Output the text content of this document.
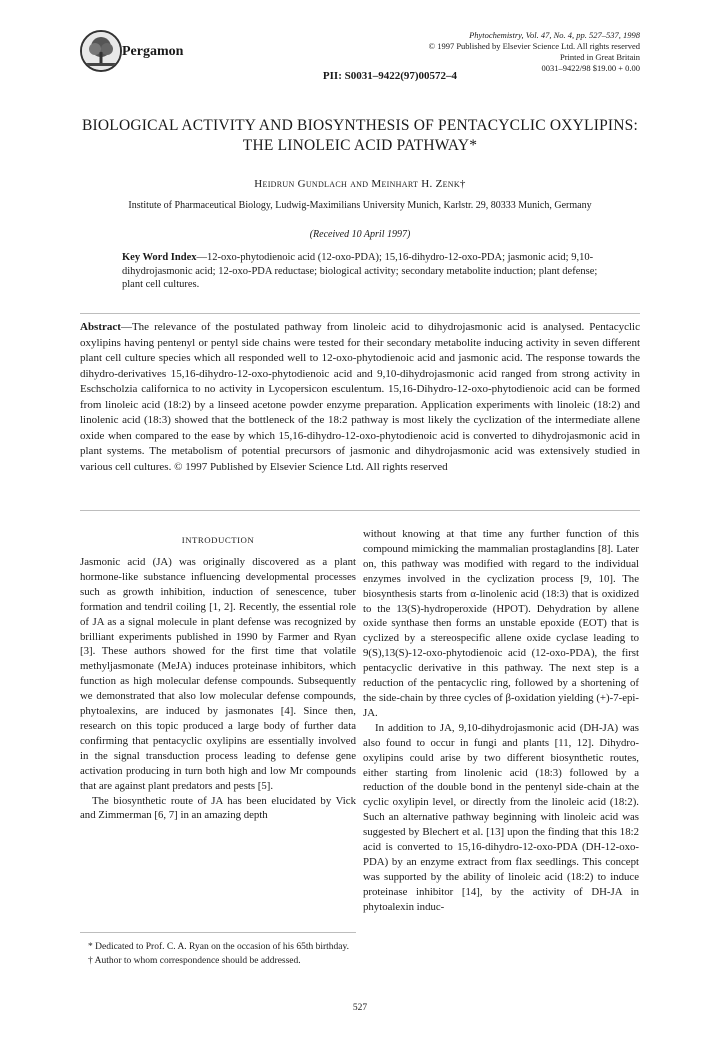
Pergamon
Phytochemistry, Vol. 47, No. 4, pp. 527–537, 1998
© 1997 Published by Elsevier Science Ltd. All rights reserved
Printed in Great Britain
0031–9422/98 $19.00 + 0.00
PII: S0031–9422(97)00572–4
BIOLOGICAL ACTIVITY AND BIOSYNTHESIS OF PENTACYCLIC OXYLIPINS: THE LINOLEIC ACID PATHWAY*
Heidrun Gundlach and Meinhart H. Zenk†
Institute of Pharmaceutical Biology, Ludwig-Maximilians University Munich, Karlstr. 29, 80333 Munich, Germany
(Received 10 April 1997)
Key Word Index—12-oxo-phytodienoic acid (12-oxo-PDA); 15,16-dihydro-12-oxo-PDA; jasmonic acid; 9,10-dihydrojasmonic acid; 12-oxo-PDA reductase; biological activity; secondary metabolite induction; plant defense; plant cell cultures.
Abstract—The relevance of the postulated pathway from linoleic acid to dihydrojasmonic acid is analysed. Pentacyclic oxylipins having pentenyl or pentyl side chains were tested for their secondary metabolite inducing activity in seven different plant cell culture species which all responded well to 12-oxo-phytodienoic acid and jasmonic acid. The response towards the dihydro-derivatives 15,16-dihydro-12-oxo-phytodienoic acid and 9,10-dihydrojasmonic acid ranged from strong activity in Eschscholzia californica to no activity in Lycopersicon esculentum. 15,16-Dihydro-12-oxo-phytodienoic acid can be formed from linoleic acid (18:2) by a linseed acetone powder enzyme preparation. Application experiments with linoleic (18:2) and linolenic acid (18:3) showed that the bottleneck of the 18:2 pathway is most likely the cyclization of the intermediate allene oxide when compared to the ease by which 15,16-dihydro-12-oxo-phytodienoic acid is converted to dihydrojasmonic acid in plant systems. The metabolism of potential precursors of jasmonic and dihydrojasmonic acid was extensively studied in various cell cultures. © 1997 Published by Elsevier Science Ltd. All rights reserved
INTRODUCTION

Jasmonic acid (JA) was originally discovered as a plant hormone-like substance influencing developmental processes such as growth inhibition, induction of senescence, tuber formation and tendril coiling [1, 2]. Recently, the essential role of JA as a signal molecule in plant defense was recognized by brilliant experiments published in 1990 by Farmer and Ryan [3]. These authors showed for the first time that volatile methyljasmonate (MeJA) induces proteinase inhibitors, which function as high molecular defense compounds. Subsequently we demonstrated that also low molecular defense compounds, phytoalexins, are induced by jasmonates [4]. Since then, research on this topic produced a large body of further data confirming that pentacyclic oxylipins are essentially involved in the signal transduction process leading to defense gene activation producing in turn both high and low Mr compounds that are against plant predators and pests [5].

The biosynthetic route of JA has been elucidated by Vick and Zimmerman [6, 7] in an amazing depth

without knowing at that time any further function of this compound mimicking the mammalian prostaglandins [8]. Later on, this pathway was modified with regard to the individual enzymes involved in the cyclization process [9, 10]. The biosynthesis starts from α-linolenic acid (18:3) that is oxidized to the 13(S)-hydroperoxide (HPOT). Dehydration by allene oxide synthase then forms an unstable epoxide (EOT) that is cyclized by a stereospecific allene oxide cyclase leading to 9(S),13(S)-12-oxo-phytodienoic acid (12-oxo-PDA), the first pentacyclic derivative in this pathway. The next step is a reduction of the pentacyclic ring, followed by a shortening of the side-chain by three cycles of β-oxidation yielding (+)-7-epi-JA.

In addition to JA, 9,10-dihydrojasmonic acid (DH-JA) was also found to occur in fungi and plants [11, 12]. Dihydro-oxylipins could arise by two different biosynthetic routes, either starting from linolenic acid (18:3) followed by a reduction of the double bond in the pentenyl side-chain at the cyclic oxylipin level, or directly from the linoleic acid (18:2). Such an alternative pathway beginning with linoleic acid was suggested by Blechert et al. [13] upon the finding that this 18:2 acid is converted to 15,16-dihydro-12-oxo-PDA (DH-12-oxo-PDA) by an enzyme extract from flax seedlings. This concept was supported by the ability of linoleic acid (18:2) to induce proteinase inhibitor [14], by the activity of DH-JA in phytoalexin induc-

* Dedicated to Prof. C. A. Ryan on the occasion of his 65th birthday.

† Author to whom correspondence should be addressed.

527
